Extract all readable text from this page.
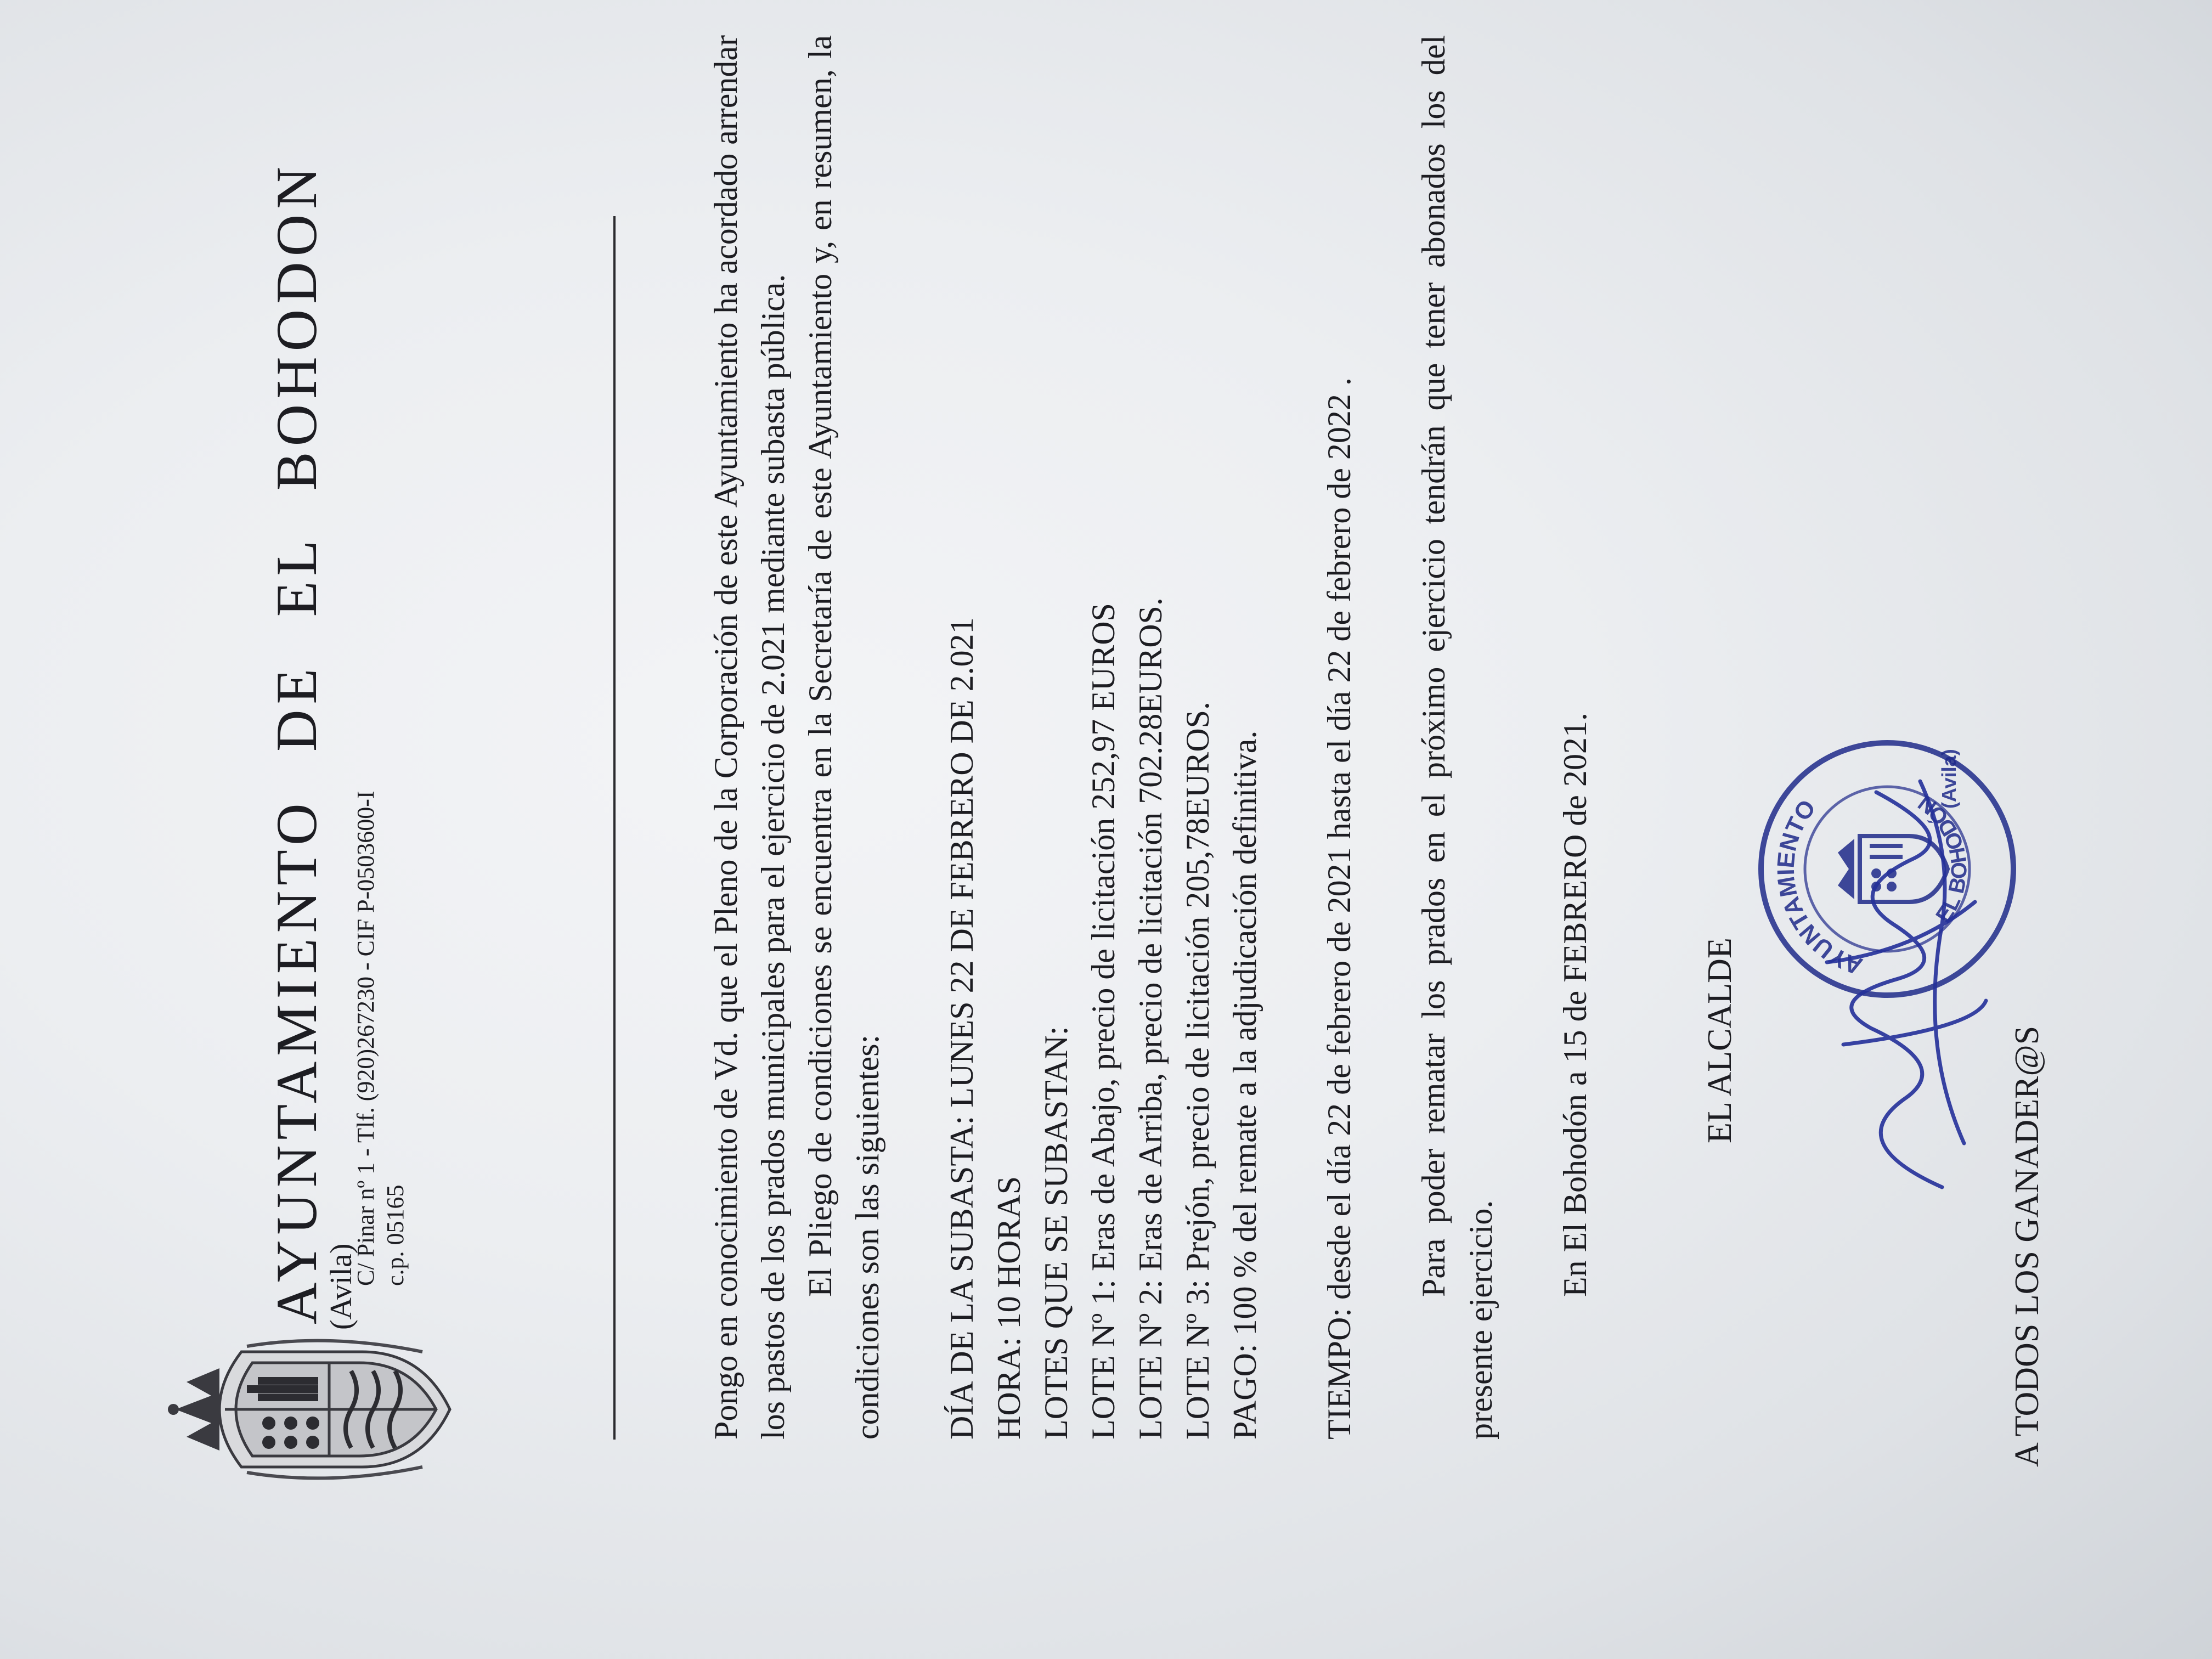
AYUNTAMIENTO DE EL BOHODON
(Avila)
C/ Pinar nº 1 - Tlf. (920)267230 - CIF P-0503600-I c.p. 05165	Pongo en conocimiento de Vd. que el Pleno de la Corporación de este Ayuntamiento ha acordado arrendar los pastos de los prados municipales para el ejercicio de 2.021 mediante subasta pública. El Pliego de condiciones se encuentra en la Secretaría de este Ayuntamiento y, en resumen, la condiciones son las siguientes: DÍA DE LA SUBASTA: LUNES 22 DE FEBRERO DE 2.021 HORA: 10 HORAS LOTES QUE SE SUBASTAN: LOTE Nº 1: Eras de Abajo, precio de licitación 252,97 EUROS LOTE Nº 2: Eras de Arriba, precio de licitación 702.28EUROS. LOTE Nº 3: Prejón, precio de licitación 205,78EUROS. PAGO: 100 % del remate a la adjudicación definitiva. TIEMPO: desde el día 22 de febrero de 2021 hasta el día 22 de febrero de 2022 . Para poder rematar los prados en el próximo ejercicio tendrán que tener abonados los del presente ejercicio.

En El Bohodón a 15 de FEBRERO de 2021.	EL ALCALDE	AYUNTAMIENTO
EL BOHODÓN
(Avila)
A TODOS LOS GANADER@S
